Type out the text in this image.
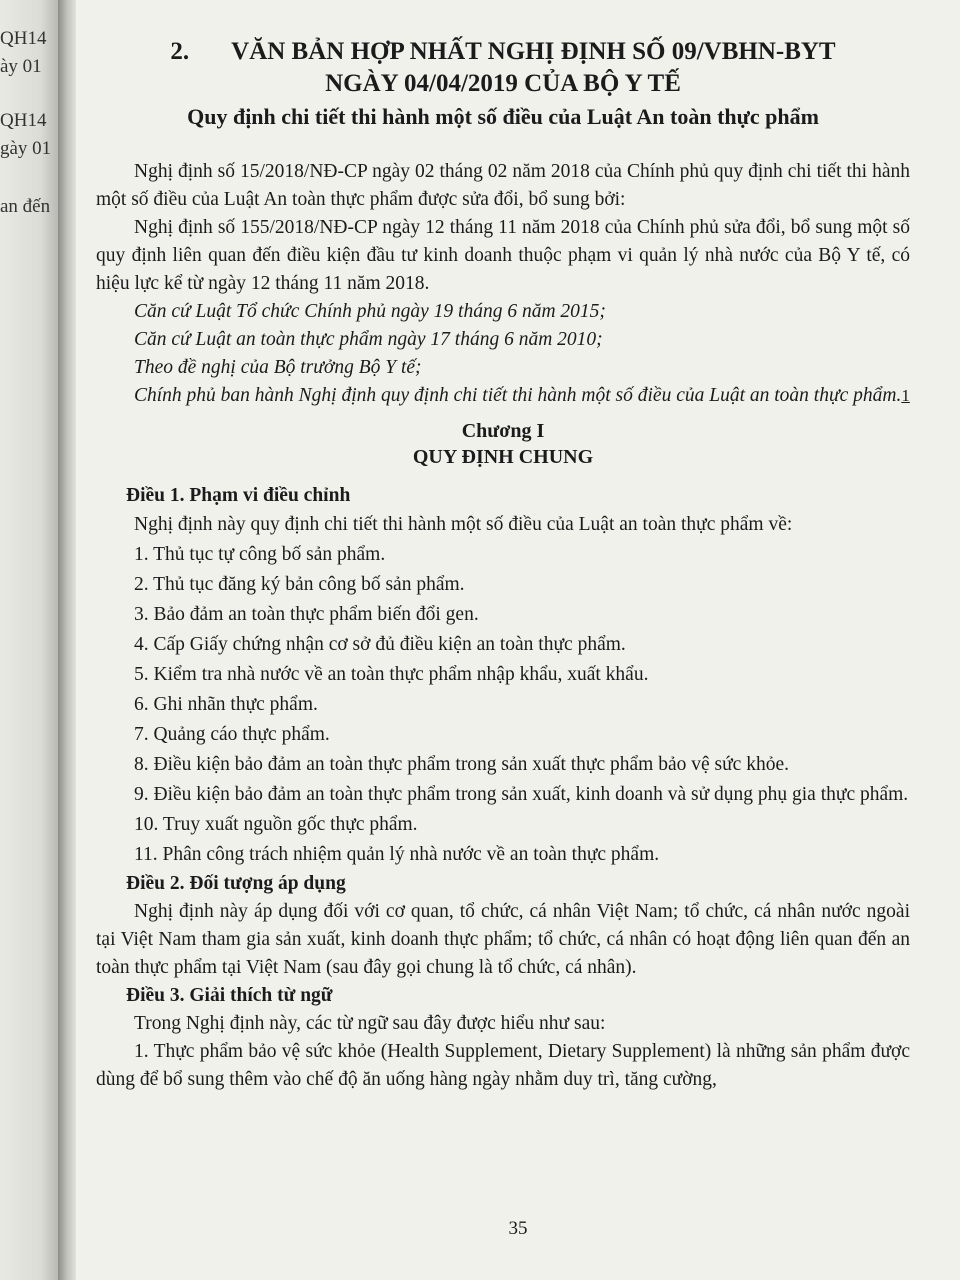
QH14
ày 01
QH14
gày 01
an đến
2. VĂN BẢN HỢP NHẤT NGHỊ ĐỊNH SỐ 09/VBHN-BYT
NGÀY 04/04/2019 CỦA BỘ Y TẾ
Quy định chi tiết thi hành một số điều của Luật An toàn thực phẩm

Nghị định số 15/2018/NĐ-CP ngày 02 tháng 02 năm 2018 của Chính phủ quy định chi tiết thi hành một số điều của Luật An toàn thực phẩm được sửa đổi, bổ sung bởi:

Nghị định số 155/2018/NĐ-CP ngày 12 tháng 11 năm 2018 của Chính phủ sửa đổi, bổ sung một số quy định liên quan đến điều kiện đầu tư kinh doanh thuộc phạm vi quản lý nhà nước của Bộ Y tế, có hiệu lực kể từ ngày 12 tháng 11 năm 2018.

Căn cứ Luật Tổ chức Chính phủ ngày 19 tháng 6 năm 2015;

Căn cứ Luật an toàn thực phẩm ngày 17 tháng 6 năm 2010;

Theo đề nghị của Bộ trưởng Bộ Y tế;

Chính phủ ban hành Nghị định quy định chi tiết thi hành một số điều của Luật an toàn thực phẩm.1

Chương I
QUY ĐỊNH CHUNG
Điều 1. Phạm vi điều chỉnh

Nghị định này quy định chi tiết thi hành một số điều của Luật an toàn thực phẩm về:

1. Thủ tục tự công bố sản phẩm.

2. Thủ tục đăng ký bản công bố sản phẩm.

3. Bảo đảm an toàn thực phẩm biến đổi gen.

4. Cấp Giấy chứng nhận cơ sở đủ điều kiện an toàn thực phẩm.

5. Kiểm tra nhà nước về an toàn thực phẩm nhập khẩu, xuất khẩu.

6. Ghi nhãn thực phẩm.

7. Quảng cáo thực phẩm.

8. Điều kiện bảo đảm an toàn thực phẩm trong sản xuất thực phẩm bảo vệ sức khỏe.

9. Điều kiện bảo đảm an toàn thực phẩm trong sản xuất, kinh doanh và sử dụng phụ gia thực phẩm.

10. Truy xuất nguồn gốc thực phẩm.

11. Phân công trách nhiệm quản lý nhà nước về an toàn thực phẩm.

Điều 2. Đối tượng áp dụng

Nghị định này áp dụng đối với cơ quan, tổ chức, cá nhân Việt Nam; tổ chức, cá nhân nước ngoài tại Việt Nam tham gia sản xuất, kinh doanh thực phẩm; tổ chức, cá nhân có hoạt động liên quan đến an toàn thực phẩm tại Việt Nam (sau đây gọi chung là tổ chức, cá nhân).

Điều 3. Giải thích từ ngữ

Trong Nghị định này, các từ ngữ sau đây được hiểu như sau:

1. Thực phẩm bảo vệ sức khỏe (Health Supplement, Dietary Supplement) là những sản phẩm được dùng để bổ sung thêm vào chế độ ăn uống hàng ngày nhằm duy trì, tăng cường,

35
